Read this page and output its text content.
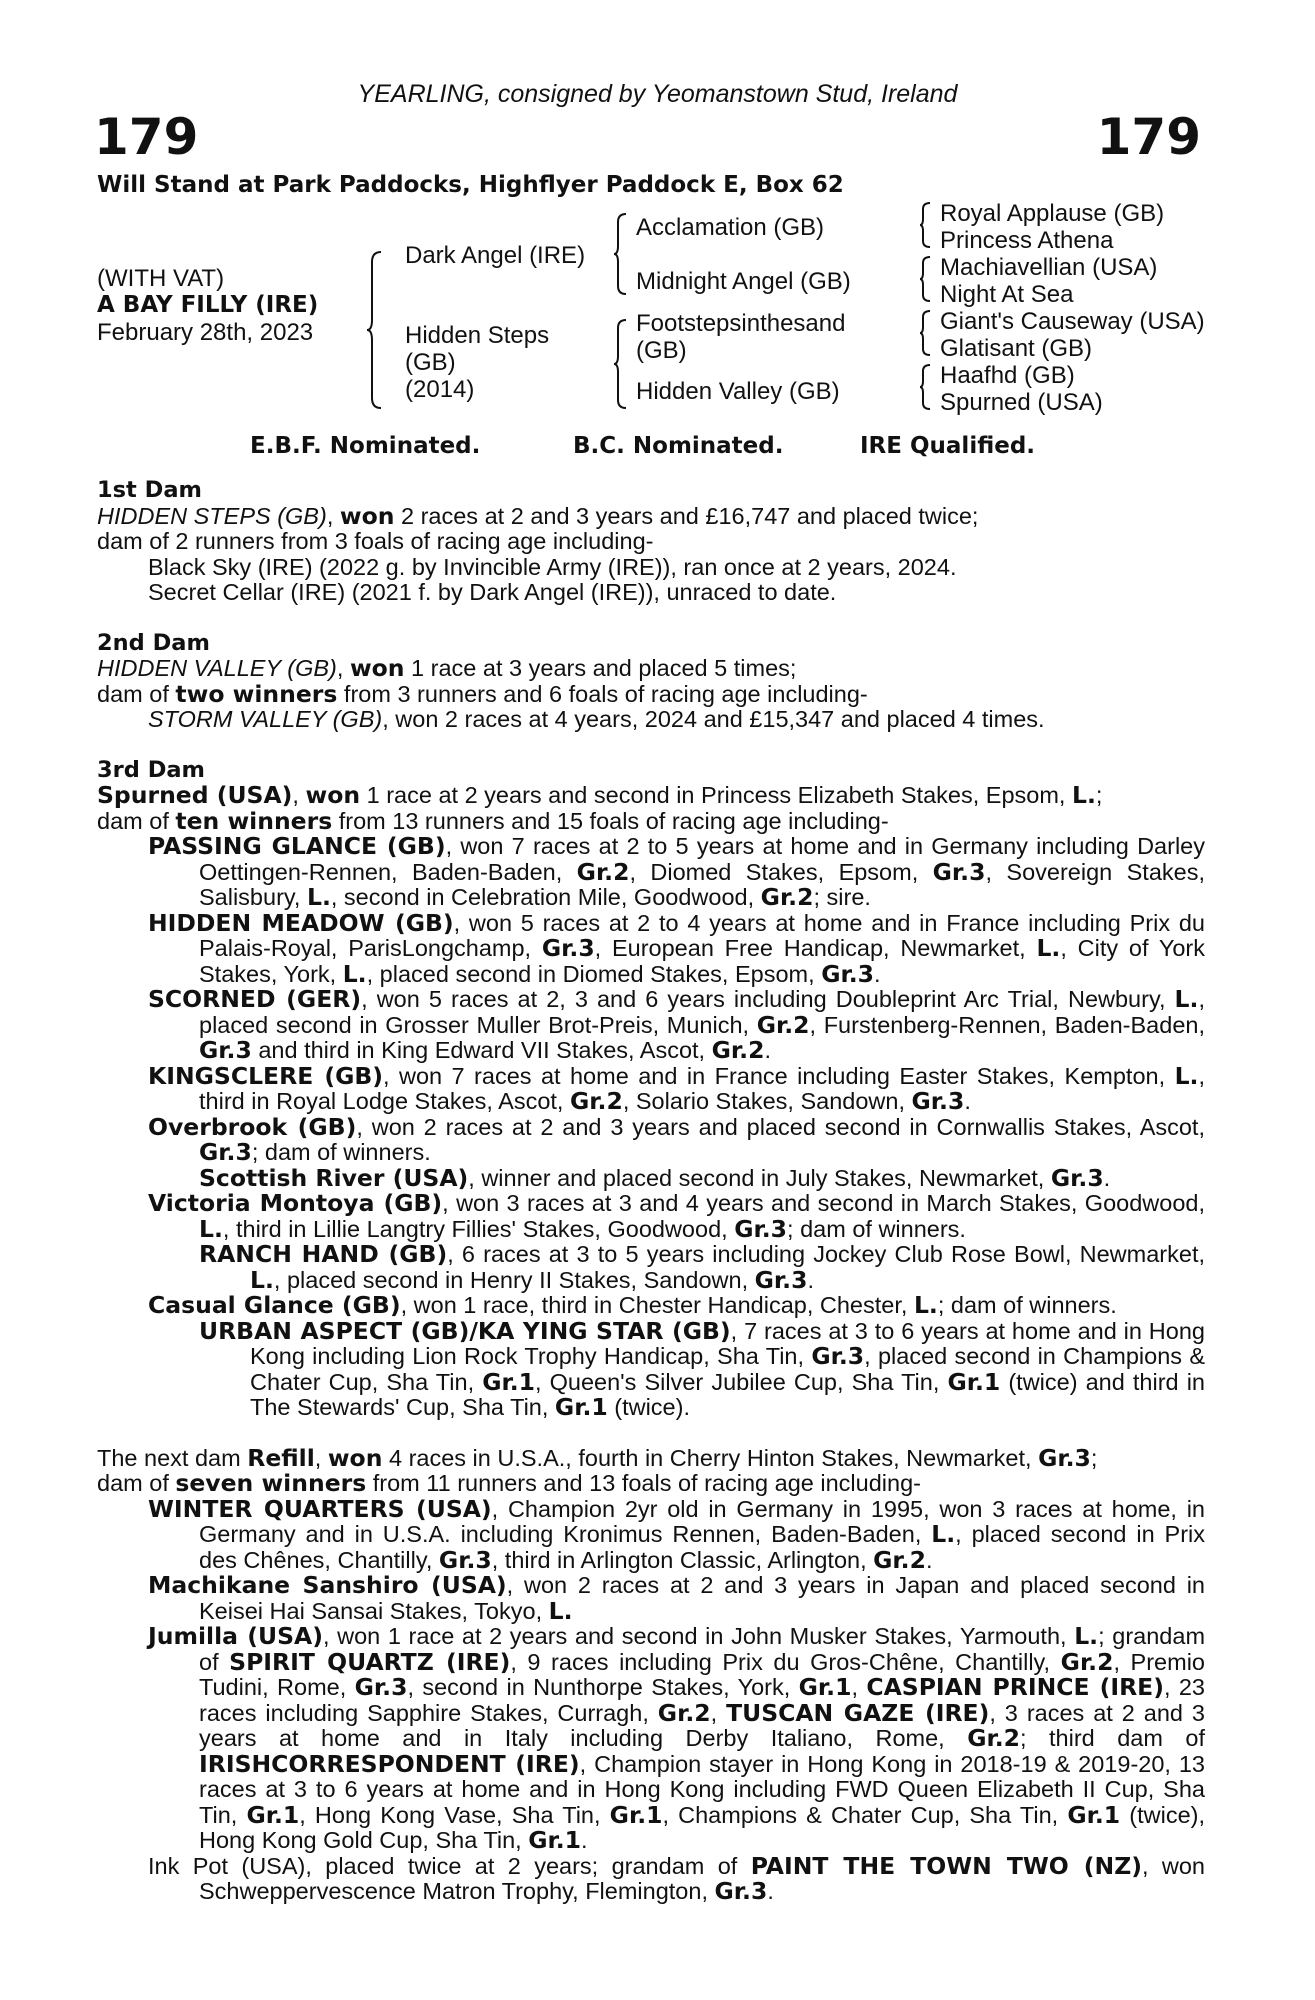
YEARLING, consigned by Yeomanstown Stud, Ireland
179	179
Will Stand at Park Paddocks, Highflyer Paddock E, Box 62
(WITH VAT)
A BAY FILLY (IRE)
February 28th, 2023
Dark Angel (IRE)
Hidden Steps
(GB)
(2014)
Acclamation (GB)
Midnight Angel (GB)
Footstepsinthesand
(GB)
Hidden Valley (GB)
Royal Applause (GB)
Princess Athena
Machiavellian (USA)
Night At Sea
Giant's Causeway (USA)
Glatisant (GB)
Haafhd (GB)
Spurned (USA)
E.B.F. Nominated.	B.C. Nominated.	IRE Qualified.

1st Dam

HIDDEN STEPS (GB), won 2 races at 2 and 3 years and £16,747 and placed twice;

dam of 2 runners from 3 foals of racing age including-

Black Sky (IRE) (2022 g. by Invincible Army (IRE)), ran once at 2 years, 2024.

Secret Cellar (IRE) (2021 f. by Dark Angel (IRE)), unraced to date.

2nd Dam

HIDDEN VALLEY (GB), won 1 race at 3 years and placed 5 times;

dam of two winners from 3 runners and 6 foals of racing age including-

STORM VALLEY (GB), won 2 races at 4 years, 2024 and £15,347 and placed 4 times.

3rd Dam

Spurned (USA), won 1 race at 2 years and second in Princess Elizabeth Stakes, Epsom, L.;

dam of ten winners from 13 runners and 15 foals of racing age including-

PASSING GLANCE (GB), won 7 races at 2 to 5 years at home and in Germany including Darley Oettingen-Rennen, Baden-Baden, Gr.2, Diomed Stakes, Epsom, Gr.3, Sovereign Stakes, Salisbury, L., second in Celebration Mile, Goodwood, Gr.2; sire.

HIDDEN MEADOW (GB), won 5 races at 2 to 4 years at home and in France including Prix du Palais-Royal, ParisLongchamp, Gr.3, European Free Handicap, Newmarket, L., City of York Stakes, York, L., placed second in Diomed Stakes, Epsom, Gr.3.

SCORNED (GER), won 5 races at 2, 3 and 6 years including Doubleprint Arc Trial, Newbury, L., placed second in Grosser Muller Brot-Preis, Munich, Gr.2, Furstenberg-Rennen, Baden-Baden, Gr.3 and third in King Edward VII Stakes, Ascot, Gr.2.

KINGSCLERE (GB), won 7 races at home and in France including Easter Stakes, Kempton, L., third in Royal Lodge Stakes, Ascot, Gr.2, Solario Stakes, Sandown, Gr.3.

Overbrook (GB), won 2 races at 2 and 3 years and placed second in Cornwallis Stakes, Ascot, Gr.3; dam of winners.

Scottish River (USA), winner and placed second in July Stakes, Newmarket, Gr.3.

Victoria Montoya (GB), won 3 races at 3 and 4 years and second in March Stakes, Goodwood, L., third in Lillie Langtry Fillies' Stakes, Goodwood, Gr.3; dam of winners.

RANCH HAND (GB), 6 races at 3 to 5 years including Jockey Club Rose Bowl, Newmarket, L., placed second in Henry II Stakes, Sandown, Gr.3.

Casual Glance (GB), won 1 race, third in Chester Handicap, Chester, L.; dam of winners.

URBAN ASPECT (GB)/KA YING STAR (GB), 7 races at 3 to 6 years at home and in Hong Kong including Lion Rock Trophy Handicap, Sha Tin, Gr.3, placed second in Champions & Chater Cup, Sha Tin, Gr.1, Queen's Silver Jubilee Cup, Sha Tin, Gr.1 (twice) and third in The Stewards' Cup, Sha Tin, Gr.1 (twice).

The next dam Refill, won 4 races in U.S.A., fourth in Cherry Hinton Stakes, Newmarket, Gr.3;

dam of seven winners from 11 runners and 13 foals of racing age including-

WINTER QUARTERS (USA), Champion 2yr old in Germany in 1995, won 3 races at home, in Germany and in U.S.A. including Kronimus Rennen, Baden-Baden, L., placed second in Prix des Chênes, Chantilly, Gr.3, third in Arlington Classic, Arlington, Gr.2.

Machikane Sanshiro (USA), won 2 races at 2 and 3 years in Japan and placed second in Keisei Hai Sansai Stakes, Tokyo, L.

Jumilla (USA), won 1 race at 2 years and second in John Musker Stakes, Yarmouth, L.; grandam of SPIRIT QUARTZ (IRE), 9 races including Prix du Gros-Chêne, Chantilly, Gr.2, Premio Tudini, Rome, Gr.3, second in Nunthorpe Stakes, York, Gr.1, CASPIAN PRINCE (IRE), 23 races including Sapphire Stakes, Curragh, Gr.2, TUSCAN GAZE (IRE), 3 races at 2 and 3 years at home and in Italy including Derby Italiano, Rome, Gr.2; third dam of IRISHCORRESPONDENT (IRE), Champion stayer in Hong Kong in 2018-19 & 2019-20, 13 races at 3 to 6 years at home and in Hong Kong including FWD Queen Elizabeth II Cup, Sha Tin, Gr.1, Hong Kong Vase, Sha Tin, Gr.1, Champions & Chater Cup, Sha Tin, Gr.1 (twice), Hong Kong Gold Cup, Sha Tin, Gr.1.

Ink Pot (USA), placed twice at 2 years; grandam of PAINT THE TOWN TWO (NZ), won Schweppervescence Matron Trophy, Flemington, Gr.3.
